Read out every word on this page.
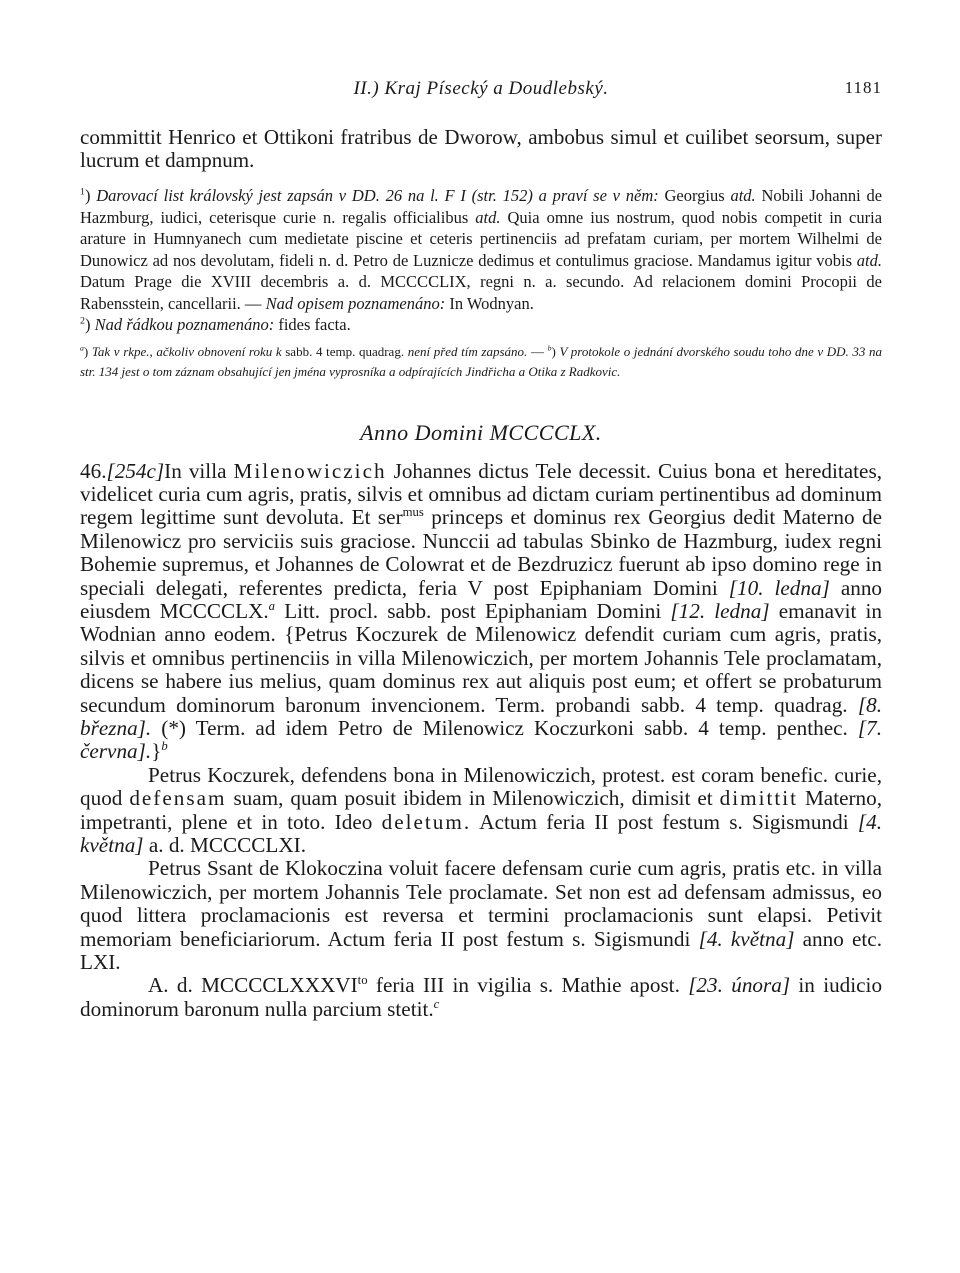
II.) Kraj Písecký a Doudlebský.	1181

committit Henrico et Ottikoni fratribus de Dworow, ambobus simul et cuilibet seorsum, super lucrum et dampnum.

$^1$) Darovací list královský jest zapsán v DD. 26 na l. F I (str. 152) a praví se v něm: Georgius atd. Nobili Johanni de Hazmburg, iudici, ceterisque curie n. regalis officialibus atd. Quia omne ius nostrum, quod nobis competit in curia arature in Humnyanech cum medietate piscine et ceteris pertinenciis ad prefatam curiam, per mortem Wilhelmi de Dunowicz ad nos devolutam, fideli n. d. Petro de Luznicze dedimus et contulimus graciose. Mandamus igitur vobis atd. Datum Prage die XVIII decembris a. d. MCCCCLIX, regni n. a. secundo. Ad relacionem domini Procopii de Rabensstein, cancellarii. — Nad opisem poznamenáno: In Wodnyan.

$^2$) Nad řádkou poznamenáno: fides facta.

$^a$) Tak v rkpe., ačkoliv obnovení roku k sabb. 4 temp. quadrag. není před tím zapsáno. — $^b$) V protokole o jednání dvorského soudu toho dne v DD. 33 na str. 134 jest o tom záznam obsahující jen jména vyprosníka a odpírajících Jindřicha a Otika z Radkovic.

Anno Domini MCCCCLX.

46.[254c]In villa Milenowiczich Johannes dictus Tele decessit. Cuius bona et hereditates, videlicet curia cum agris, pratis, silvis et omnibus ad dictam curiam pertinentibus ad dominum regem legittime sunt devoluta. Et ser$^{mus}$ princeps et dominus rex Georgius dedit Materno de Milenowicz pro serviciis suis graciose. Nunccii ad tabulas Sbinko de Hazmburg, iudex regni Bohemie supremus, et Johannes de Colowrat et de Bezdruzicz fuerunt ab ipso domino rege in speciali delegati, referentes predicta, feria V post Epiphaniam Domini [10. ledna] anno eiusdem MCCCCLX.$^a$ Litt. procl. sabb. post Epiphaniam Domini [12. ledna] emanavit in Wodnian anno eodem. {Petrus Koczurek de Milenowicz defendit curiam cum agris, pratis, silvis et omnibus pertinenciis in villa Milenowiczich, per mortem Johannis Tele proclamatam, dicens se habere ius melius, quam dominus rex aut aliquis post eum; et offert se probaturum secundum dominorum baronum invencionem. Term. probandi sabb. 4 temp. quadrag. [8. března]. (*) Term. ad idem Petro de Milenowicz Koczurkoni sabb. 4 temp. penthec. [7. června].}$^b$

Petrus Koczurek, defendens bona in Milenowiczich, protest. est coram benefic. curie, quod defensam suam, quam posuit ibidem in Milenowiczich, dimisit et dimittit Materno, impetranti, plene et in toto. Ideo deletum. Actum feria II post festum s. Sigismundi [4. května] a. d. MCCCCLXI.

Petrus Ssant de Klokoczina voluit facere defensam curie cum agris, pratis etc. in villa Milenowiczich, per mortem Johannis Tele proclamate. Set non est ad defensam admissus, eo quod littera proclamacionis est reversa et termini proclamacionis sunt elapsi. Petivit memoriam beneficiariorum. Actum feria II post festum s. Sigismundi [4. května] anno etc. LXI.

A. d. $MCCCCLXXXVI^{to}$ feria III in vigilia s. Mathie apost. [23. února] in iudicio dominorum baronum nulla parcium stetit.$^c$
